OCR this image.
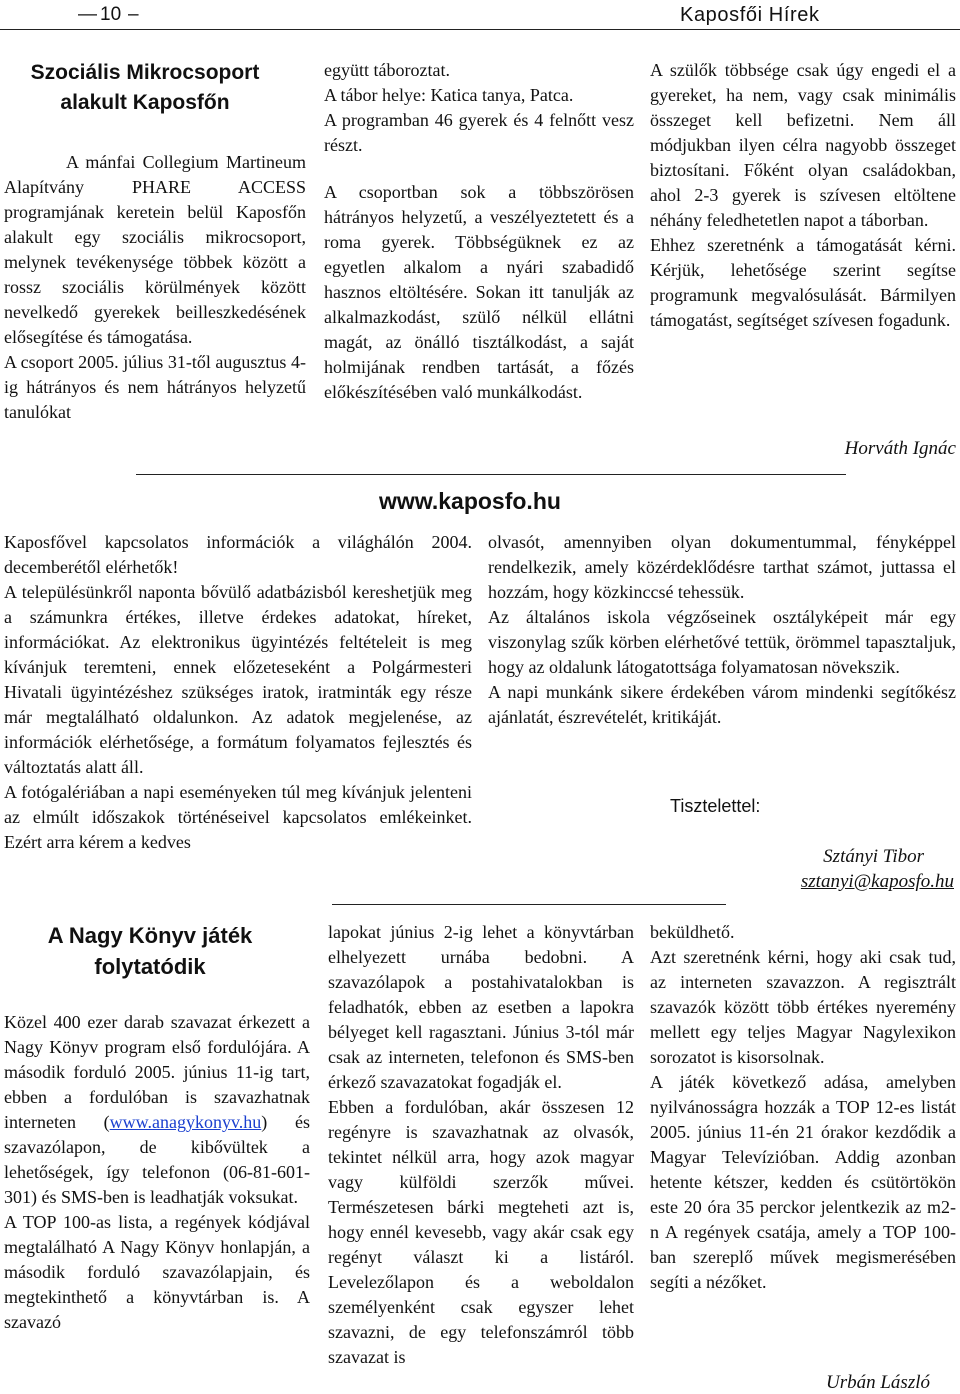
— 10 –	Kaposfői Hírek
Szociális Mikrocsoport alakult Kaposfőn

A mánfai Collegium Martineum Alapítvány PHARE ACCESS programjának keretein belül Kaposfőn alakult egy szociális mikrocsoport, melynek tevékenysége többek között a rossz szociális körülmények között nevelkedő gyerekek beilleszkedésének elősegítése és támogatása.

A csoport 2005. július 31-től augusztus 4-ig hátrányos és nem hátrányos helyzetű tanulókat

együtt táboroztat.

A tábor helye: Katica tanya, Patca.

A programban 46 gyerek és 4 felnőtt vesz részt.

A csoportban sok a többszörösen hátrányos helyzetű, a veszélyeztetett és a roma gyerek. Többségüknek ez az egyetlen alkalom a nyári szabadidő hasznos eltöltésére. Sokan itt tanulják az alkalmazkodást, szülő nélkül ellátni magát, az önálló tisztálkodást, a saját holmijának rendben tartását, a főzés előkészítésében való munkálkodást.

A szülők többsége csak úgy engedi el a gyereket, ha nem, vagy csak minimális összeget kell befizetni. Nem áll módjukban ilyen célra nagyobb összeget biztosítani. Főként olyan családokban, ahol 2-3 gyerek is szívesen eltöltene néhány feledhetetlen napot a táborban.

Ehhez szeretnénk a támogatását kérni. Kérjük, lehetősége szerint segítse programunk megvalósulását. Bármilyen támogatást, segítséget szívesen fogadunk.

Horváth Ignác
www.kaposfo.hu

Kaposfővel kapcsolatos információk a világhálón 2004. decemberétől elérhetők!

A településünkről naponta bővülő adatbázisból kereshetjük meg a számunkra értékes, illetve érdekes adatokat, híreket, információkat. Az elektronikus ügyintézés feltételeit is meg kívánjuk teremteni, ennek előzeteseként a Polgármesteri Hivatali ügyintézéshez szükséges iratok, iratminták egy része már megtalálható oldalunkon. Az adatok megjelenése, az információk elérhetősége, a formátum folyamatos fejlesztés és változtatás alatt áll.

A fotógalériában a napi eseményeken túl meg kívánjuk jelenteni az elmúlt időszakok történéseivel kapcsolatos emlékeinket. Ezért arra kérem a kedves

olvasót, amennyiben olyan dokumentummal, fényképpel rendelkezik, amely közérdeklődésre tarthat számot, juttassa el hozzám, hogy közkinccsé tehessük.

Az általános iskola végzőseinek osztályképeit már egy viszonylag szűk körben elérhetővé tettük, örömmel tapasztaljuk, hogy az oldalunk látogatottsága folyamatosan növekszik.

A napi munkánk sikere érdekében várom mindenki segítőkész ajánlatát, észrevételét, kritikáját.

Tisztelettel:
Sztányi Tibor
sztanyi@kaposfo.hu
A Nagy Könyv játék folytatódik

Közel 400 ezer darab szavazat érkezett a Nagy Könyv program első fordulójára. A második forduló 2005. június 11-ig tart, ebben a fordulóban is szavazhatnak interneten (www.anagykonyv.hu) és szavazólapon, de kibővültek a lehetőségek, így telefonon (06-81-601-301) és SMS-ben is leadhatják voksukat.

A TOP 100-as lista, a regények kódjával megtalálható A Nagy Könyv honlapján, a második forduló szavazólapjain, és megtekinthető a könyvtárban is. A szavazó

lapokat június 2-ig lehet a könyvtárban elhelyezett urnába bedobni. A szavazólapok a postahivatalokban is feladhatók, ebben az esetben a lapokra bélyeget kell ragasztani. Június 3-tól már csak az interneten, telefonon és SMS-ben érkező szavazatokat fogadják el.

Ebben a fordulóban, akár összesen 12 regényre is szavazhatnak az olvasók, tekintet nélkül arra, hogy azok magyar vagy külföldi szerzők művei. Természetesen bárki megteheti azt is, hogy ennél kevesebb, vagy akár csak egy regényt választ ki a listáról. Levelezőlapon és a weboldalon személyenként csak egyszer lehet szavazni, de egy telefonszámról több szavazat is

beküldhető.

Azt szeretnénk kérni, hogy aki csak tud, az interneten szavazzon. A regisztrált szavazók között több értékes nyeremény mellett egy teljes Magyar Nagylexikon sorozatot is kisorsolnak.

A játék következő adása, amelyben nyilvánosságra hozzák a TOP 12-es listát 2005. június 11-én 21 órakor kezdődik a Magyar Televízióban. Addig azonban hetente kétszer, kedden és csütörtökön este 20 óra 35 perckor jelentkezik az m2-n A regények csatája, amely a TOP 100-ban szereplő művek megismerésében segíti a nézőket.

Urbán László
